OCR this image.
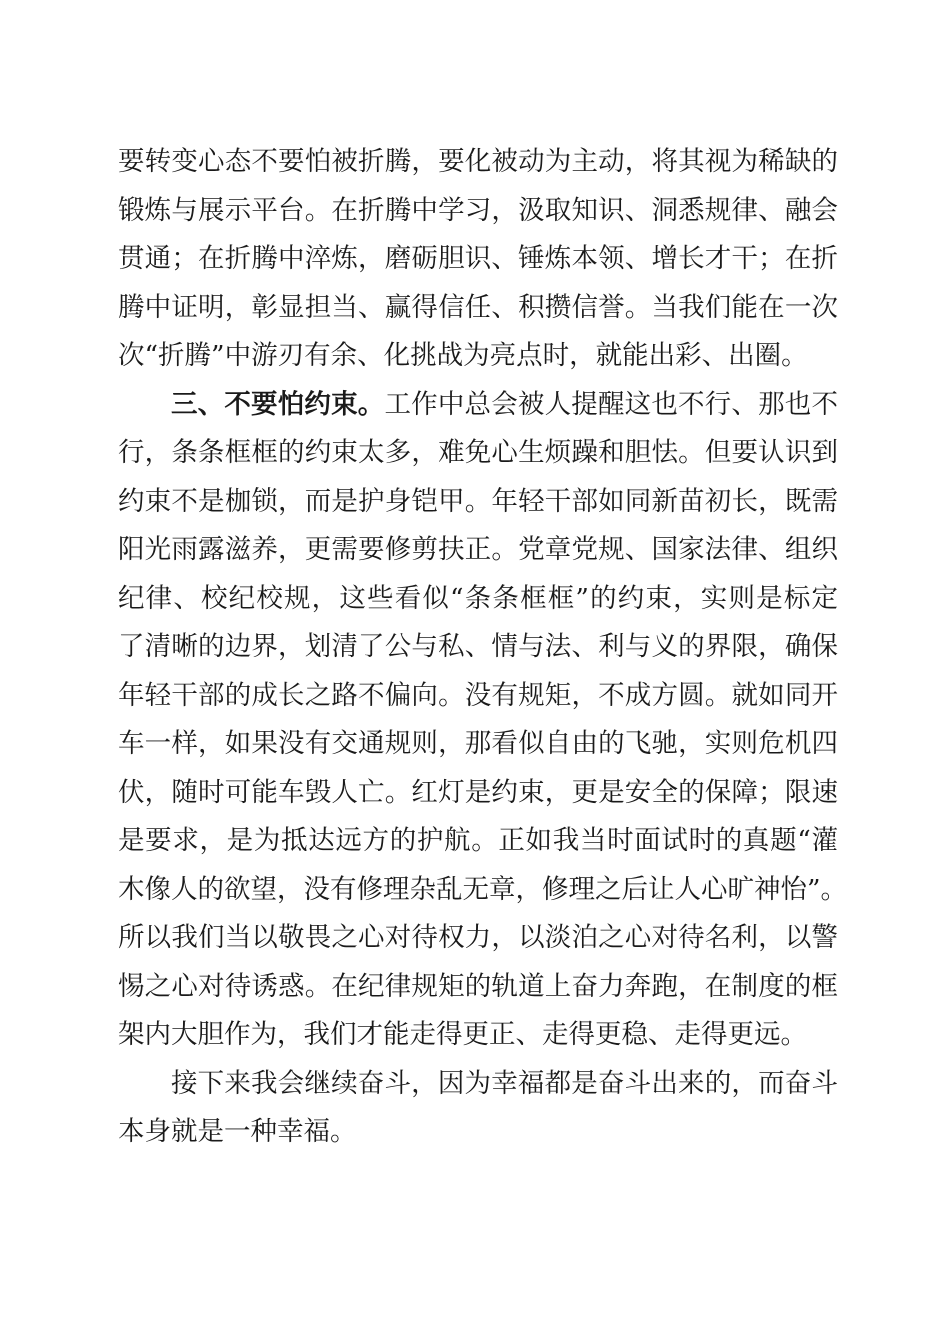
要转变心态不要怕被折腾，要化被动为主动，将其视为稀缺的
锻炼与展示平台。在折腾中学习，汲取知识、洞悉规律、融会
贯通；在折腾中淬炼，磨砺胆识、锤炼本领、增长才干；在折
腾中证明，彰显担当、赢得信任、积攒信誉。当我们能在一次
次“折腾”中游刃有余、化挑战为亮点时，就能出彩、出圈。
三、不要怕约束。工作中总会被人提醒这也不行、那也不
行，条条框框的约束太多，难免心生烦躁和胆怯。但要认识到
约束不是枷锁，而是护身铠甲。年轻干部如同新苗初长，既需
阳光雨露滋养，更需要修剪扶正。党章党规、国家法律、组织
纪律、校纪校规，这些看似“条条框框”的约束，实则是标定
了清晰的边界，划清了公与私、情与法、利与义的界限，确保
年轻干部的成长之路不偏向。没有规矩，不成方圆。就如同开
车一样，如果没有交通规则，那看似自由的飞驰，实则危机四
伏，随时可能车毁人亡。红灯是约束，更是安全的保障；限速
是要求，是为抵达远方的护航。正如我当时面试时的真题“灌
木像人的欲望，没有修理杂乱无章，修理之后让人心旷神怡”。
所以我们当以敬畏之心对待权力，以淡泊之心对待名利，以警
惕之心对待诱惑。在纪律规矩的轨道上奋力奔跑，在制度的框
架内大胆作为，我们才能走得更正、走得更稳、走得更远。
接下来我会继续奋斗，因为幸福都是奋斗出来的，而奋斗
本身就是一种幸福。
